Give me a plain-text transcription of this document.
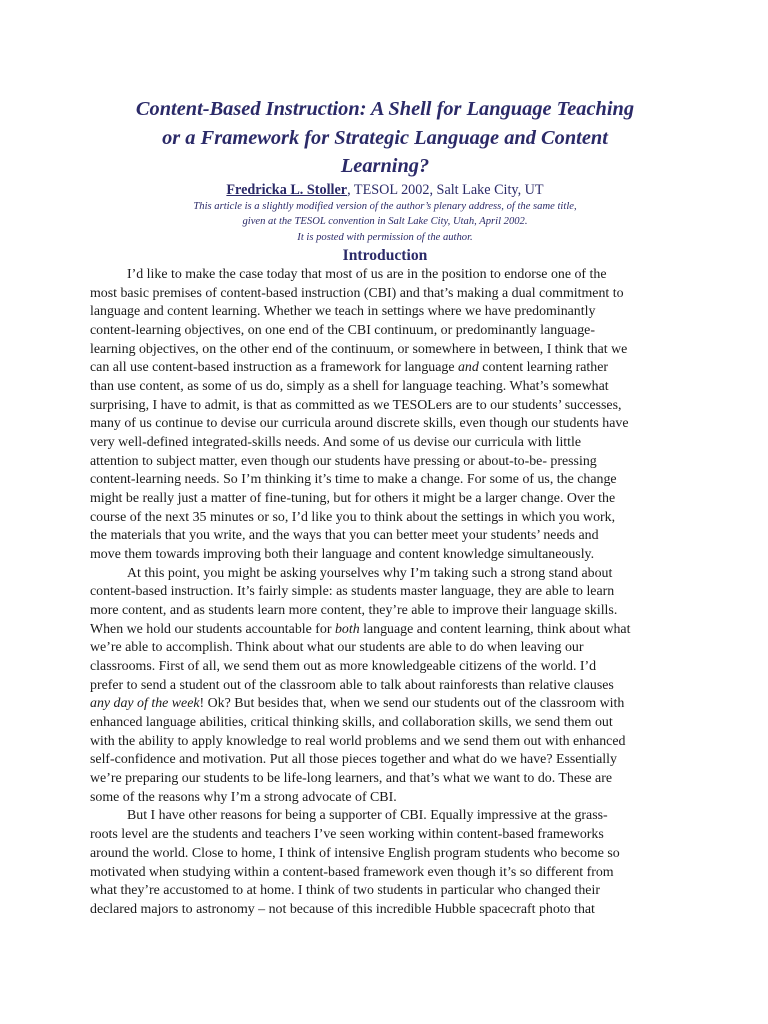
Content-Based Instruction: A Shell for Language Teaching
or a Framework for Strategic Language and Content
Learning?
Fredricka L. Stoller, TESOL 2002, Salt Lake City, UT
This article is a slightly modified version of the author’s plenary address, of the same title,
given at the TESOL convention in Salt Lake City, Utah, April 2002.
It is posted with permission of the author.
Introduction
I’d like to make the case today that most of us are in the position to endorse one of the
most basic premises of content-based instruction (CBI) and that’s making a dual commitment to
language and content learning. Whether we teach in settings where we have predominantly
content-learning objectives, on one end of the CBI continuum, or predominantly language-
learning objectives, on the other end of the continuum, or somewhere in between, I think that we
can all use content-based instruction as a framework for language and content learning rather
than use content, as some of us do, simply as a shell for language teaching. What’s somewhat
surprising, I have to admit, is that as committed as we TESOLers are to our students’ successes,
many of us continue to devise our curricula around discrete skills, even though our students have
very well-defined integrated-skills needs. And some of us devise our curricula with little
attention to subject matter, even though our students have pressing or about-to-be- pressing
content-learning needs. So I’m thinking it’s time to make a change. For some of us, the change
might be really just a matter of fine-tuning, but for others it might be a larger change. Over the
course of the next 35 minutes or so, I’d like you to think about the settings in which you work,
the materials that you write, and the ways that you can better meet your students’ needs and
move them towards improving both their language and content knowledge simultaneously.
At this point, you might be asking yourselves why I’m taking such a strong stand about
content-based instruction. It’s fairly simple: as students master language, they are able to learn
more content, and as students learn more content, they’re able to improve their language skills.
When we hold our students accountable for both language and content learning, think about what
we’re able to accomplish. Think about what our students are able to do when leaving our
classrooms. First of all, we send them out as more knowledgeable citizens of the world. I’d
prefer to send a student out of the classroom able to talk about rainforests than relative clauses
any day of the week! Ok? But besides that, when we send our students out of the classroom with
enhanced language abilities, critical thinking skills, and collaboration skills, we send them out
with the ability to apply knowledge to real world problems and we send them out with enhanced
self-confidence and motivation. Put all those pieces together and what do we have? Essentially
we’re preparing our students to be life-long learners, and that’s what we want to do. These are
some of the reasons why I’m a strong advocate of CBI.
But I have other reasons for being a supporter of CBI. Equally impressive at the grass-
roots level are the students and teachers I’ve seen working within content-based frameworks
around the world. Close to home, I think of intensive English program students who become so
motivated when studying within a content-based framework even though it’s so different from
what they’re accustomed to at home. I think of two students in particular who changed their
declared majors to astronomy – not because of this incredible Hubble spacecraft photo that
